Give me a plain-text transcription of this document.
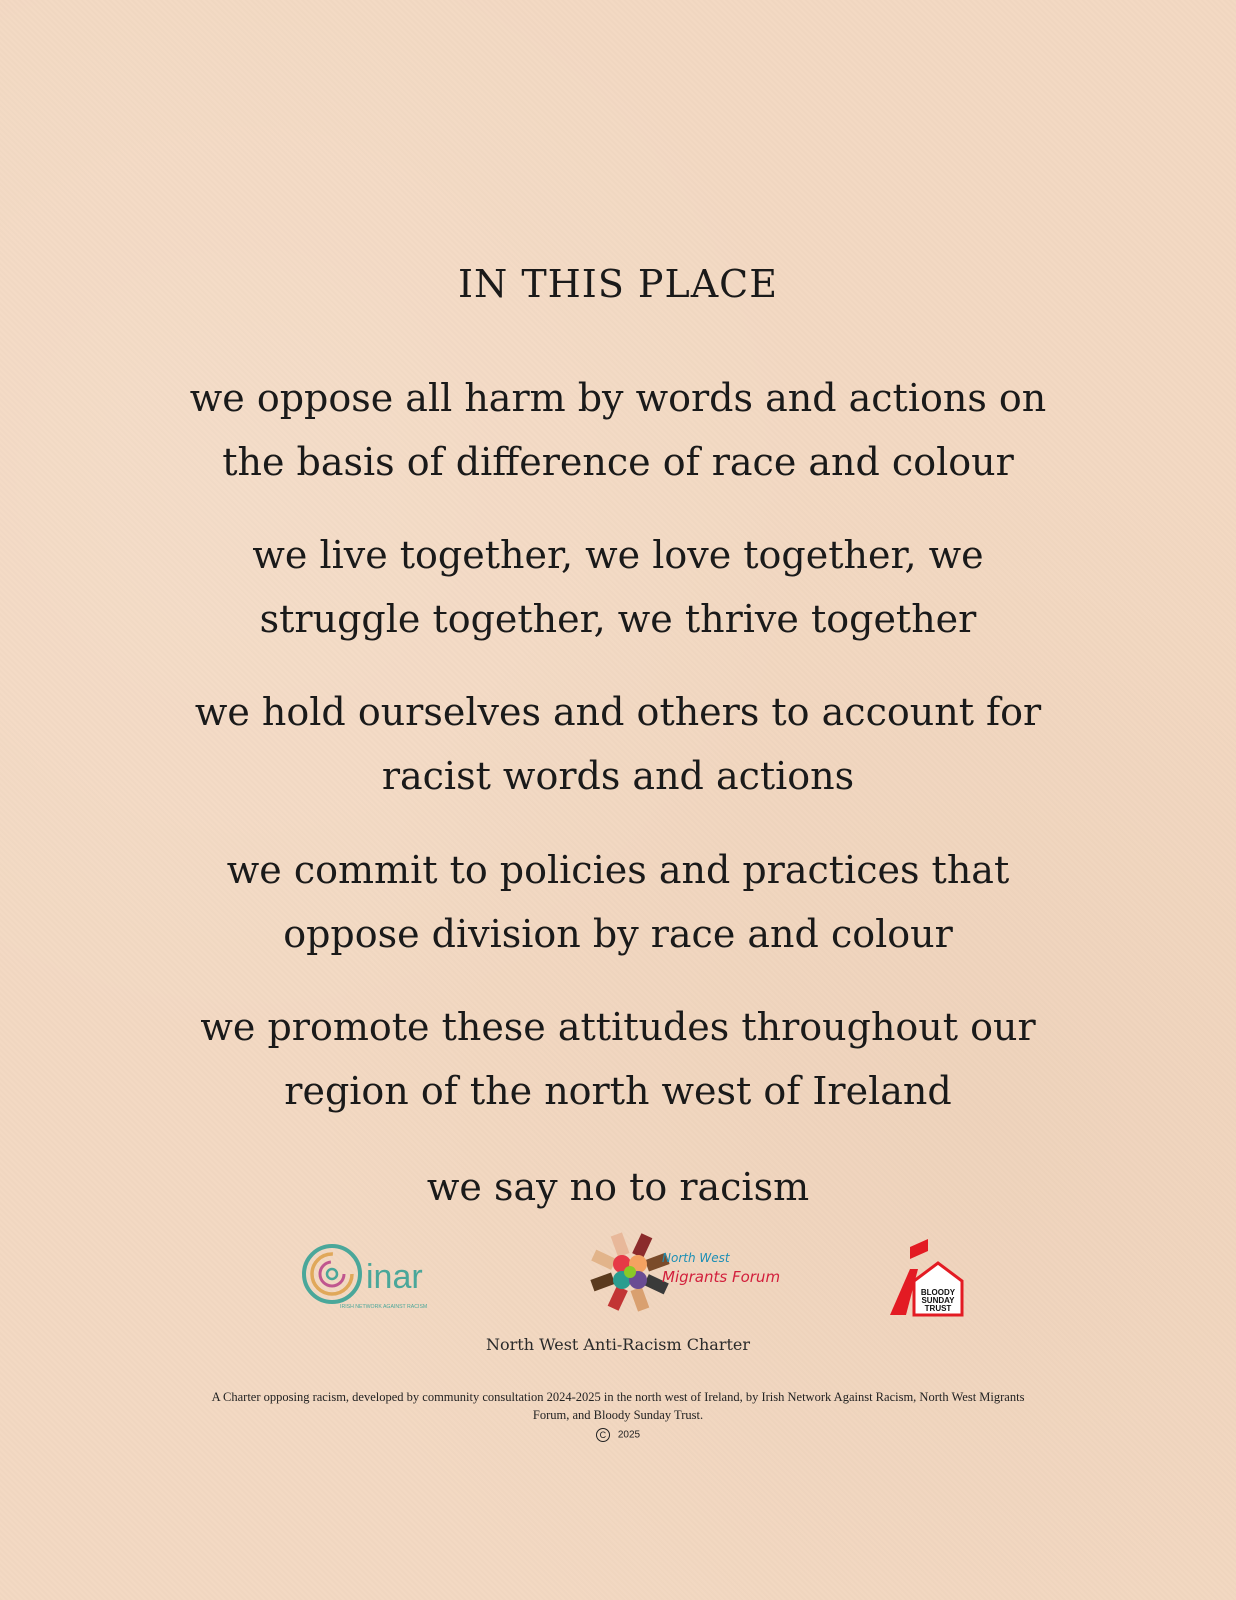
IN THIS PLACE
we oppose all harm by words and actions on
the basis of difference of race and colour
we live together, we love together, we
struggle together, we thrive together
we hold ourselves and others to account for
racist words and actions
we commit to policies and practices that
oppose division by race and colour
we promote these attitudes throughout our
region of the north west of Ireland
we say no to racism
inar
IRISH NETWORK AGAINST RACISM
North West
Migrants Forum
BLOODY
SUNDAY
TRUST
North West Anti-Racism Charter
A Charter opposing racism, developed by community consultation 2024-2025 in the north west of Ireland, by Irish Network Against Racism, North West Migrants Forum, and Bloody Sunday Trust.
C 2025
